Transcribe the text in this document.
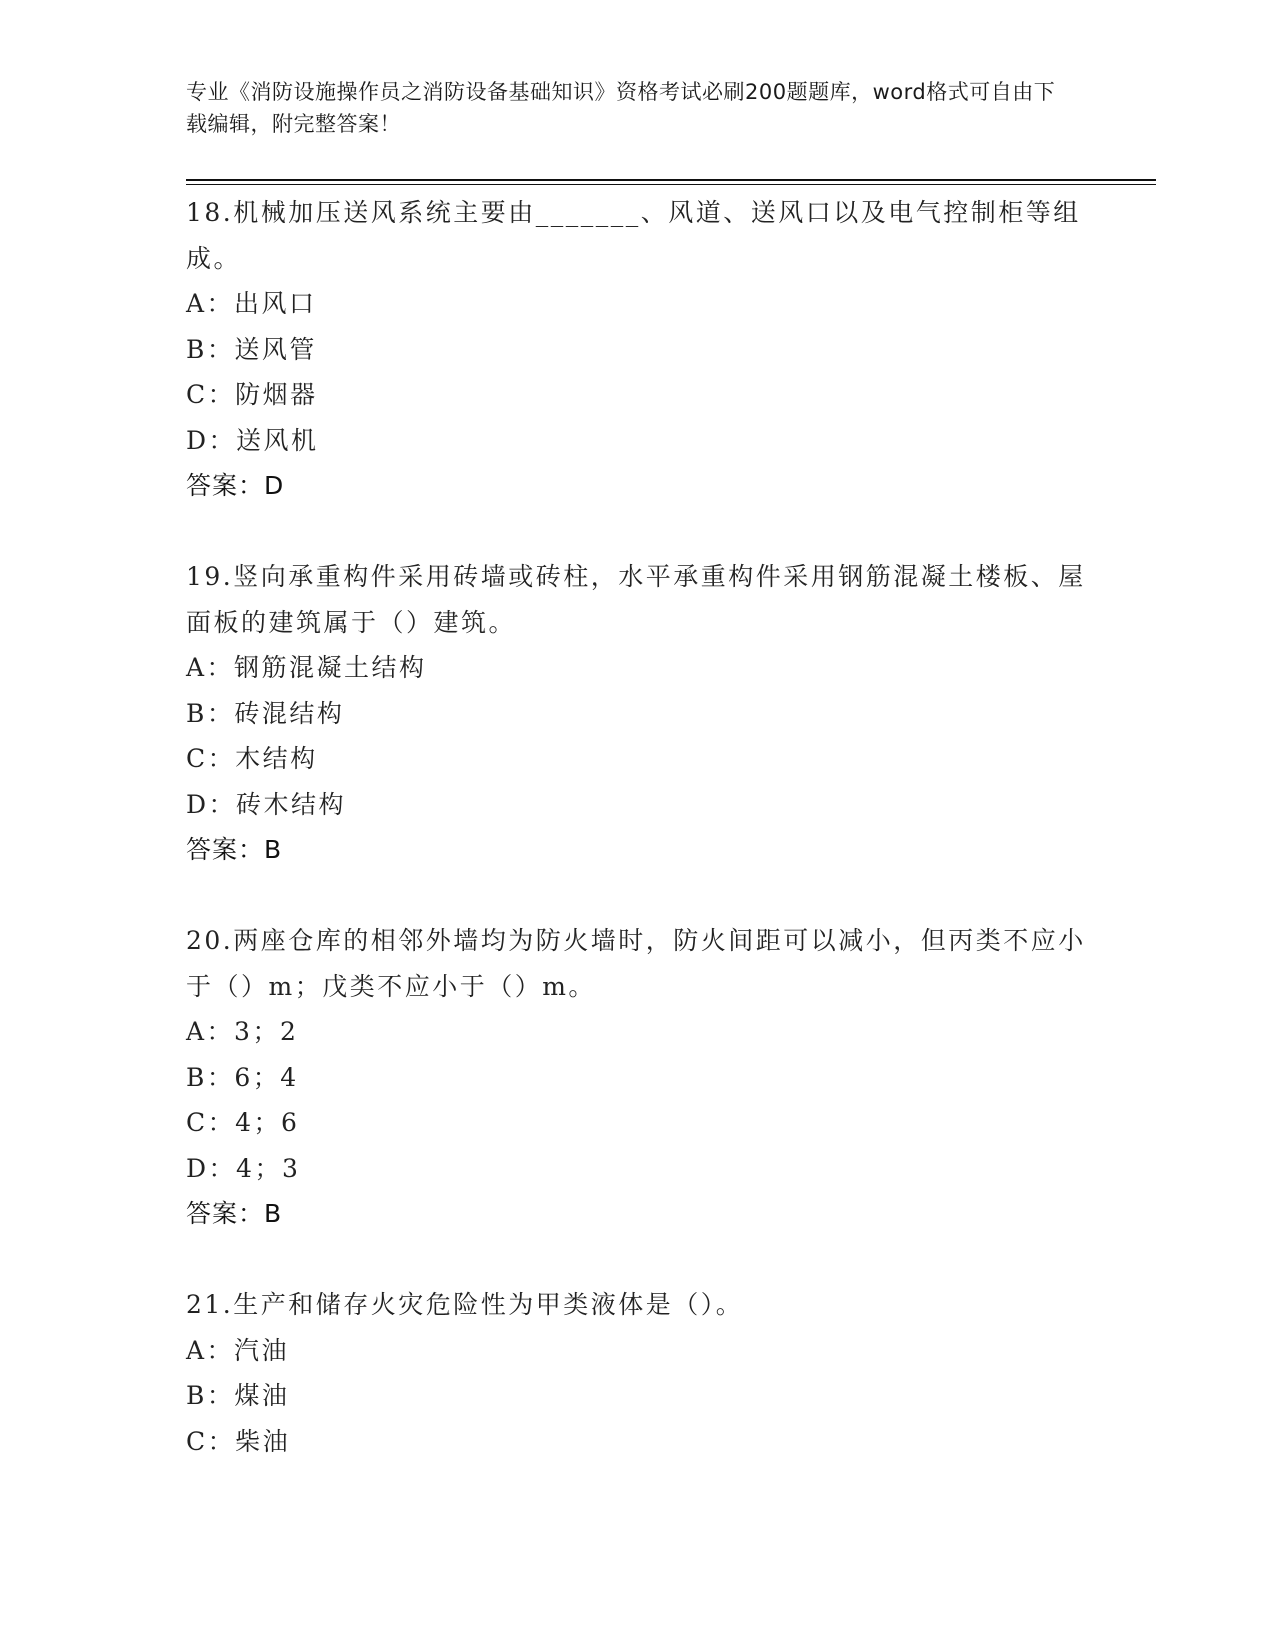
专业《消防设施操作员之消防设备基础知识》资格考试必刷200题题库，word格式可自由下载编辑，附完整答案！

18.机械加压送风系统主要由_______、风道、送风口以及电气控制柜等组成。

A：出风口

B：送风管

C：防烟器

D：送风机

答案：D

19.竖向承重构件采用砖墙或砖柱，水平承重构件采用钢筋混凝土楼板、屋面板的建筑属于（）建筑。

A：钢筋混凝土结构

B：砖混结构

C：木结构

D：砖木结构

答案：B

20.两座仓库的相邻外墙均为防火墙时，防火间距可以减小，但丙类不应小于（）m；戊类不应小于（）m。

A：3；2

B：6；4

C：4；6

D：4；3

答案：B

21.生产和储存火灾危险性为甲类液体是（）。

A：汽油

B：煤油

C：柴油
